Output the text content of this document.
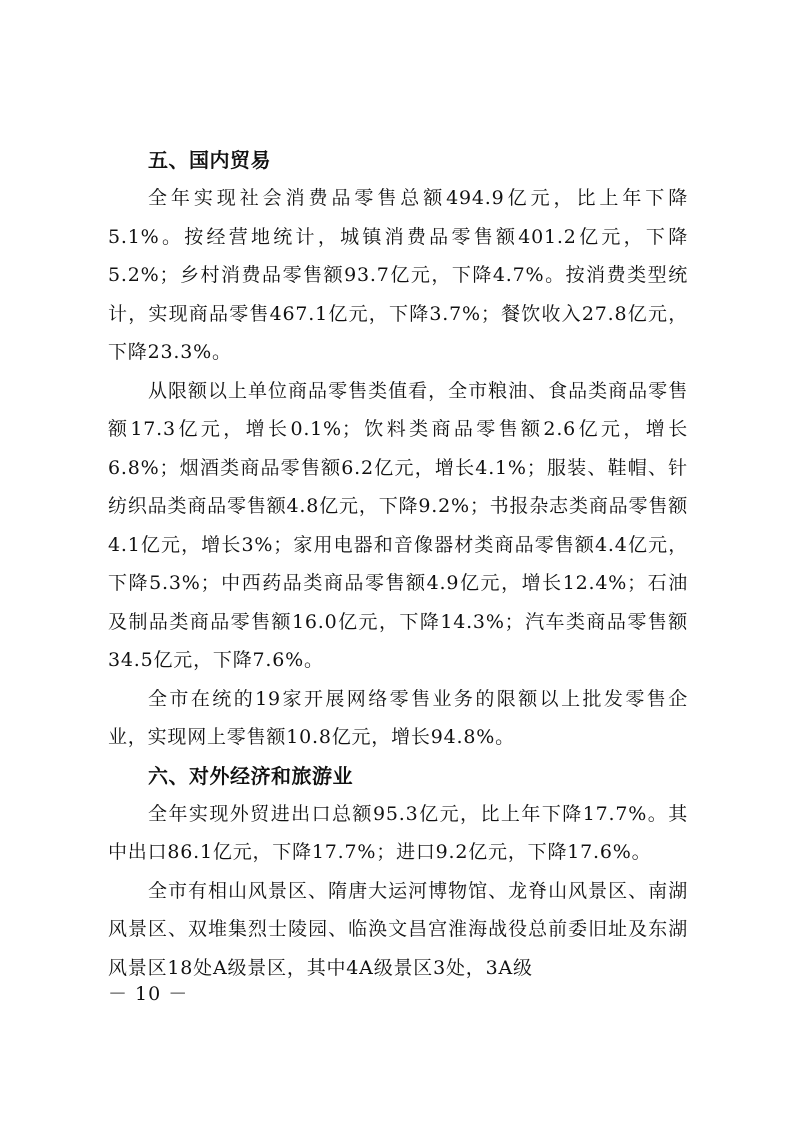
五、国内贸易

全年实现社会消费品零售总额494.9亿元，比上年下降5.1%。按经营地统计，城镇消费品零售额401.2亿元，下降5.2%；乡村消费品零售额93.7亿元，下降4.7%。按消费类型统计，实现商品零售467.1亿元，下降3.7%；餐饮收入27.8亿元，下降23.3%。

从限额以上单位商品零售类值看，全市粮油、食品类商品零售额17.3亿元，增长0.1%；饮料类商品零售额2.6亿元，增长6.8%；烟酒类商品零售额6.2亿元，增长4.1%；服装、鞋帽、针纺织品类商品零售额4.8亿元，下降9.2%；书报杂志类商品零售额4.1亿元，增长3%；家用电器和音像器材类商品零售额4.4亿元，下降5.3%；中西药品类商品零售额4.9亿元，增长12.4%；石油及制品类商品零售额16.0亿元，下降14.3%；汽车类商品零售额34.5亿元，下降7.6%。

全市在统的19家开展网络零售业务的限额以上批发零售企业，实现网上零售额10.8亿元，增长94.8%。

六、对外经济和旅游业

全年实现外贸进出口总额95.3亿元，比上年下降17.7%。其中出口86.1亿元，下降17.7%；进口9.2亿元，下降17.6%。

全市有相山风景区、隋唐大运河博物馆、龙脊山风景区、南湖风景区、双堆集烈士陵园、临涣文昌宫淮海战役总前委旧址及东湖风景区18处A级景区，其中4A级景区3处，3A级

－ 10 －
